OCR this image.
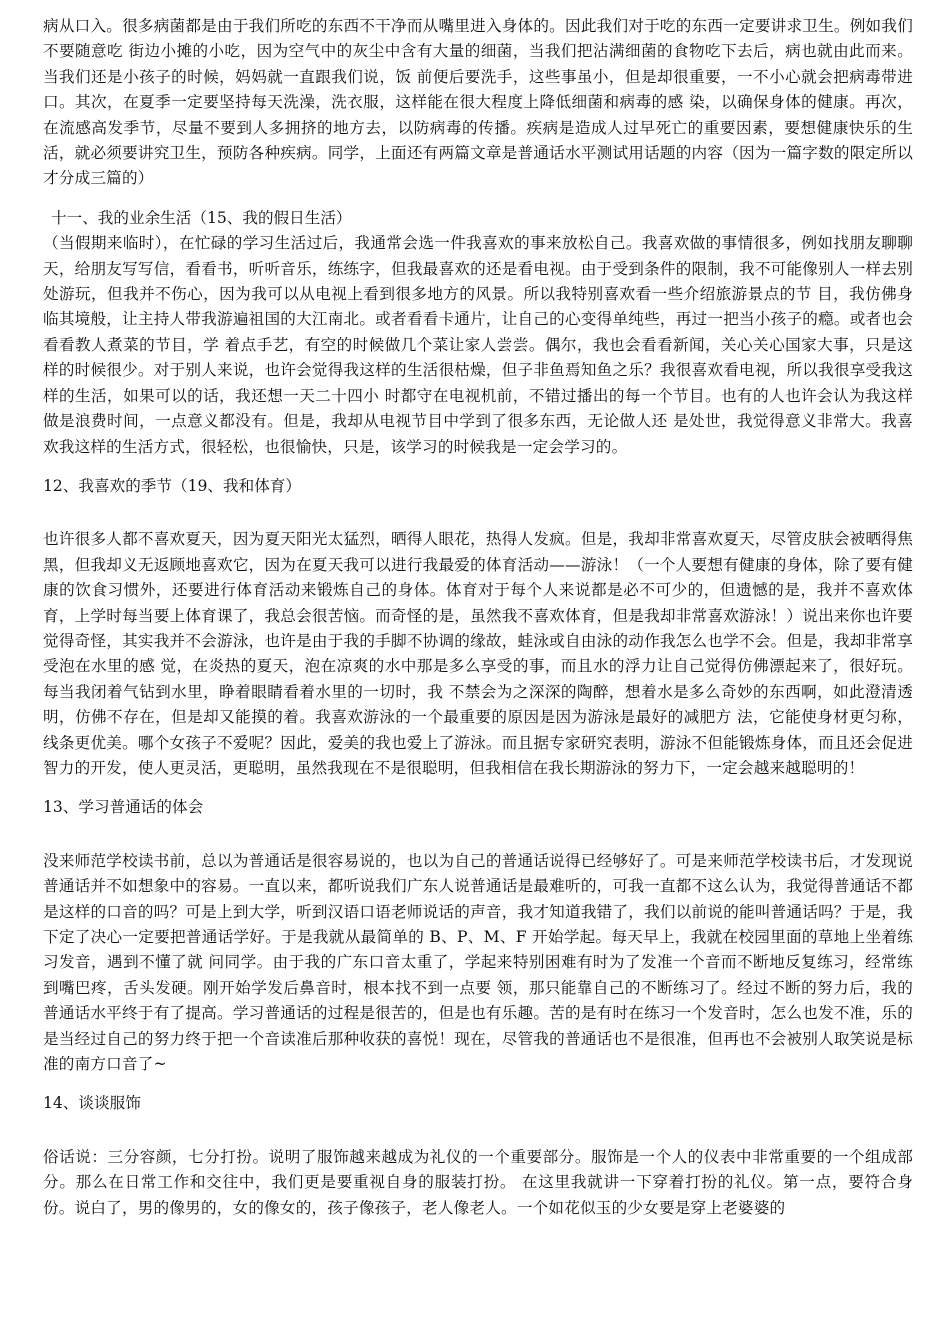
病从口入。很多病菌都是由于我们所吃的东西不干净而从嘴里进入身体的。因此我们对于吃的东西一定要讲求卫生。例如我们不要随意吃 街边小摊的小吃，因为空气中的灰尘中含有大量的细菌，当我们把沾满细菌的食物吃下去后，病也就由此而来。当我们还是小孩子的时候，妈妈就一直跟我们说，饭 前便后要洗手，这些事虽小，但是却很重要，一不小心就会把病毒带进口。其次，在夏季一定要坚持每天洗澡，洗衣服，这样能在很大程度上降低细菌和病毒的感 染，以确保身体的健康。再次，在流感高发季节，尽量不要到人多拥挤的地方去，以防病毒的传播。疾病是造成人过早死亡的重要因素，要想健康快乐的生活，就必须要讲究卫生，预防各种疾病。同学，上面还有两篇文章是普通话水平测试用话题的内容（因为一篇字数的限定所以才分成三篇的）

十一、我的业余生活（15、我的假日生活）

（当假期来临时），在忙碌的学习生活过后，我通常会选一件我喜欢的事来放松自己。我喜欢做的事情很多，例如找朋友聊聊天，给朋友写写信，看看书，听听音乐，练练字，但我最喜欢的还是看电视。由于受到条件的限制，我不可能像别人一样去别处游玩，但我并不伤心，因为我可以从电视上看到很多地方的风景。所以我特别喜欢看一些介绍旅游景点的节 目，我仿佛身临其境般，让主持人带我游遍祖国的大江南北。或者看看卡通片，让自己的心变得单纯些，再过一把当小孩子的瘾。或者也会看看教人煮菜的节目，学 着点手艺，有空的时候做几个菜让家人尝尝。偶尔，我也会看看新闻，关心关心国家大事，只是这样的时候很少。对于别人来说，也许会觉得我这样的生活很枯燥，但子非鱼焉知鱼之乐？我很喜欢看电视，所以我很享受我这样的生活，如果可以的话，我还想一天二十四小 时都守在电视机前，不错过播出的每一个节目。也有的人也许会认为我这样做是浪费时间，一点意义都没有。但是，我却从电视节目中学到了很多东西，无论做人还 是处世，我觉得意义非常大。我喜欢我这样的生活方式，很轻松，也很愉快，只是，该学习的时候我是一定会学习的。

12、我喜欢的季节（19、我和体育）

也许很多人都不喜欢夏天，因为夏天阳光太猛烈，晒得人眼花，热得人发疯。但是，我却非常喜欢夏天，尽管皮肤会被晒得焦黑，但我却义无返顾地喜欢它，因为在夏天我可以进行我最爱的体育活动——游泳！（一个人要想有健康的身体，除了要有健康的饮食习惯外，还要进行体育活动来锻炼自己的身体。体育对于每个人来说都是必不可少的，但遗憾的是，我并不喜欢体育，上学时每当要上体育课了，我总会很苦恼。而奇怪的是，虽然我不喜欢体育，但是我却非常喜欢游泳！）说出来你也许要觉得奇怪，其实我并不会游泳，也许是由于我的手脚不协调的缘故，蛙泳或自由泳的动作我怎么也学不会。但是，我却非常享受泡在水里的感 觉，在炎热的夏天，泡在凉爽的水中那是多么享受的事，而且水的浮力让自己觉得仿佛漂起来了，很好玩。每当我闭着气钻到水里，睁着眼睛看着水里的一切时，我 不禁会为之深深的陶醉，想着水是多么奇妙的东西啊，如此澄清透明，仿佛不存在，但是却又能摸的着。我喜欢游泳的一个最重要的原因是因为游泳是最好的减肥方 法，它能使身材更匀称，线条更优美。哪个女孩子不爱呢？因此，爱美的我也爱上了游泳。而且据专家研究表明，游泳不但能锻炼身体，而且还会促进智力的开发，使人更灵活，更聪明，虽然我现在不是很聪明，但我相信在我长期游泳的努力下，一定会越来越聪明的！

13、学习普通话的体会

没来师范学校读书前，总以为普通话是很容易说的，也以为自己的普通话说得已经够好了。可是来师范学校读书后，才发现说普通话并不如想象中的容易。一直以来，都听说我们广东人说普通话是最难听的，可我一直都不这么认为，我觉得普通话不都是这样的口音的吗？可是上到大学，听到汉语口语老师说话的声音，我才知道我错了，我们以前说的能叫普通话吗？于是，我下定了决心一定要把普通话学好。于是我就从最简单的 B、P、M、F 开始学起。每天早上，我就在校园里面的草地上坐着练习发音，遇到不懂了就 问同学。由于我的广东口音太重了，学起来特别困难有时为了发准一个音而不断地反复练习，经常练到嘴巴疼，舌头发硬。刚开始学发后鼻音时，根本找不到一点要 领，那只能靠自己的不断练习了。经过不断的努力后，我的普通话水平终于有了提高。学习普通话的过程是很苦的，但是也有乐趣。苦的是有时在练习一个发音时，怎么也发不准，乐的是当经过自己的努力终于把一个音读准后那种收获的喜悦！现在，尽管我的普通话也不是很准，但再也不会被别人取笑说是标准的南方口音了~

14、谈谈服饰

俗话说：三分容颜，七分打扮。说明了服饰越来越成为礼仪的一个重要部分。服饰是一个人的仪表中非常重要的一个组成部分。那么在日常工作和交往中，我们更是要重视自身的服装打扮。 在这里我就讲一下穿着打扮的礼仪。第一点，要符合身份。说白了，男的像男的，女的像女的，孩子像孩子，老人像老人。一个如花似玉的少女要是穿上老婆婆的
